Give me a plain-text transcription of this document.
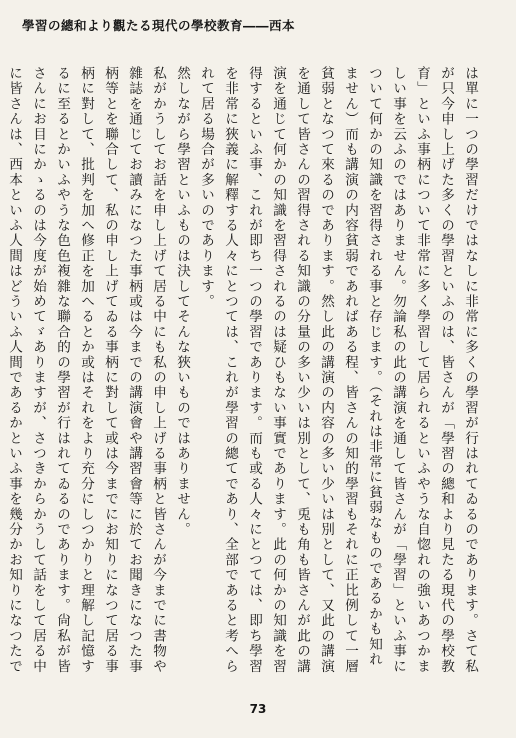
學習の總和より觀たる現代の學校教育――西本

は單に一つの學習だけではなしに非常に多くの學習が行はれてゐるのであります。さて私が只今申し上げた多くの學習といふのは、皆さんが「學習の總和より見たる現代の學校教育」といふ事柄について非常に多く學習して居られるといふやうな自惚れの強いあつかましい事を云ふのではありません。勿論私の此の講演を通して皆さんが「學習」といふ事について何かの知識を習得される事と存じます。（それは非常に貧弱なものであるかも知れません）而も講演の内容貧弱であればある程、皆さんの知的學習もそれに正比例して一層貧弱となつて來るのであります。然し此の講演の内容の多い少いは別として、又此の講演を通して皆さんの習得される知識の分量の多い少いは別として、兎も角も皆さんが此の講演を通じて何かの知識を習得されるのは疑ひもない事實であります。此の何かの知識を習得するといふ事、これが即ち一つの學習であります。而も或る人々にとつては、即ち學習を非常に狹義に解釋する人々にとつては、これが學習の總てであり、全部であると考へられて居る場合が多いのであります。

然しながら學習といふものは決してそんな狹いものではありません。

私がかうしてお話を申し上げて居る中にも私の申し上げる事柄と皆さんが今までに書物や雜誌を通じてお讀みになつた事柄或は今までの講演會や講習會等に於てお聞きになつた事柄等とを聯合して、私の申し上げてゐる事柄に對して或は今までにお知りになつて居る事柄に對して、批判を加へ修正を加へるとか或はそれをより充分にしつかりと理解し記憶するに至るとかいふやうな色色複雜な聯合的の學習が行はれてゐるのであります。尙私が皆さんにお目にかゝるのは今度が始めてゞありますが、さつきからかうして話をして居る中に皆さんは、西本といふ人間はどういふ人間であるかといふ事を幾分かお知りになつたで

73
